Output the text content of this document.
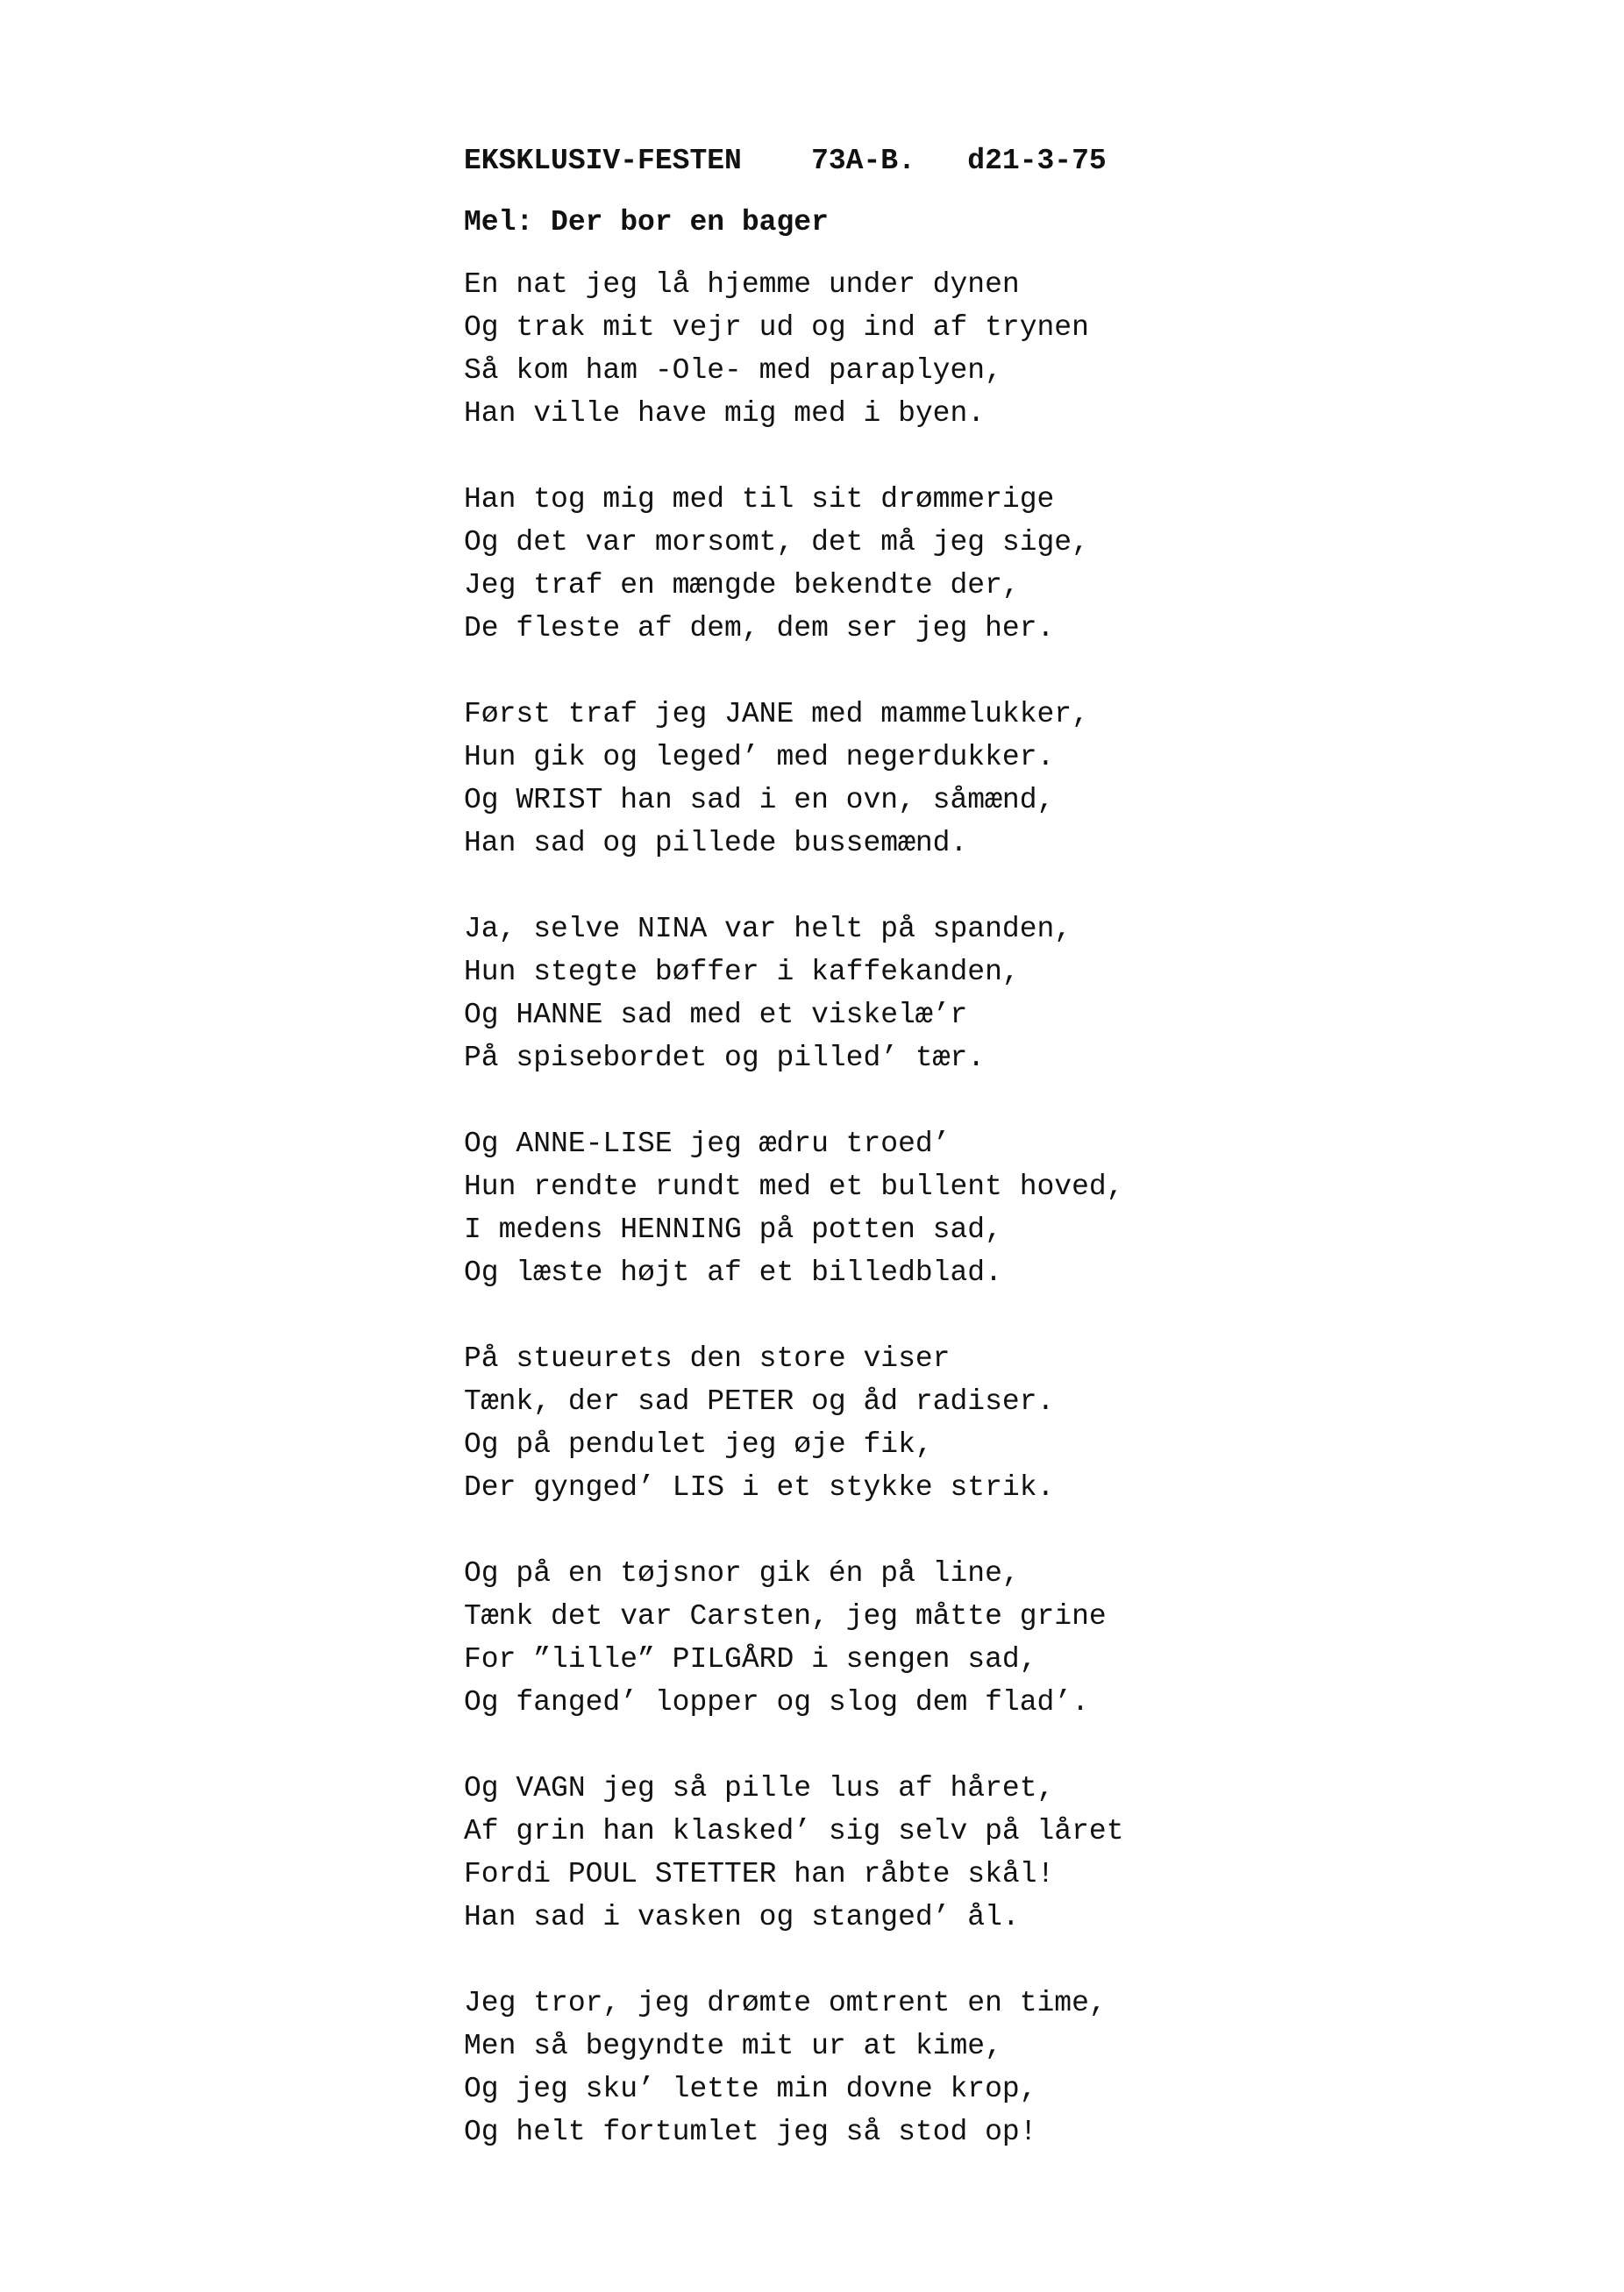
EKSKLUSIV-FESTEN    73A-B.   d21-3-75
Mel: Der bor en bager
En nat jeg lå hjemme under dynen
Og trak mit vejr ud og ind af trynen
Så kom ham -Ole- med paraplyen,
Han ville have mig med i byen.
Han tog mig med til sit drømmerige
Og det var morsomt, det må jeg sige,
Jeg traf en mængde bekendte der,
De fleste af dem, dem ser jeg her.
Først traf jeg JANE med mammelukker,
Hun gik og leged’ med negerdukker.
Og WRIST han sad i en ovn, såmænd,
Han sad og pillede bussemænd.
Ja, selve NINA var helt på spanden,
Hun stegte bøffer i kaffekanden,
Og HANNE sad med et viskelæ’r
På spisebordet og pilled’ tær.
Og ANNE-LISE jeg ædru troed’
Hun rendte rundt med et bullent hoved,
I medens HENNING på potten sad,
Og læste højt af et billedblad.
På stueurets den store viser
Tænk, der sad PETER og åd radiser.
Og på pendulet jeg øje fik,
Der gynged’ LIS i et stykke strik.
Og på en tøjsnor gik én på line,
Tænk det var Carsten, jeg måtte grine
For ”lille” PILGÅRD i sengen sad,
Og fanged’ lopper og slog dem flad’.
Og VAGN jeg så pille lus af håret,
Af grin han klasked’ sig selv på låret
Fordi POUL STETTER han råbte skål!
Han sad i vasken og stanged’ ål.
Jeg tror, jeg drømte omtrent en time,
Men så begyndte mit ur at kime,
Og jeg sku’ lette min dovne krop,
Og helt fortumlet jeg så stod op!
